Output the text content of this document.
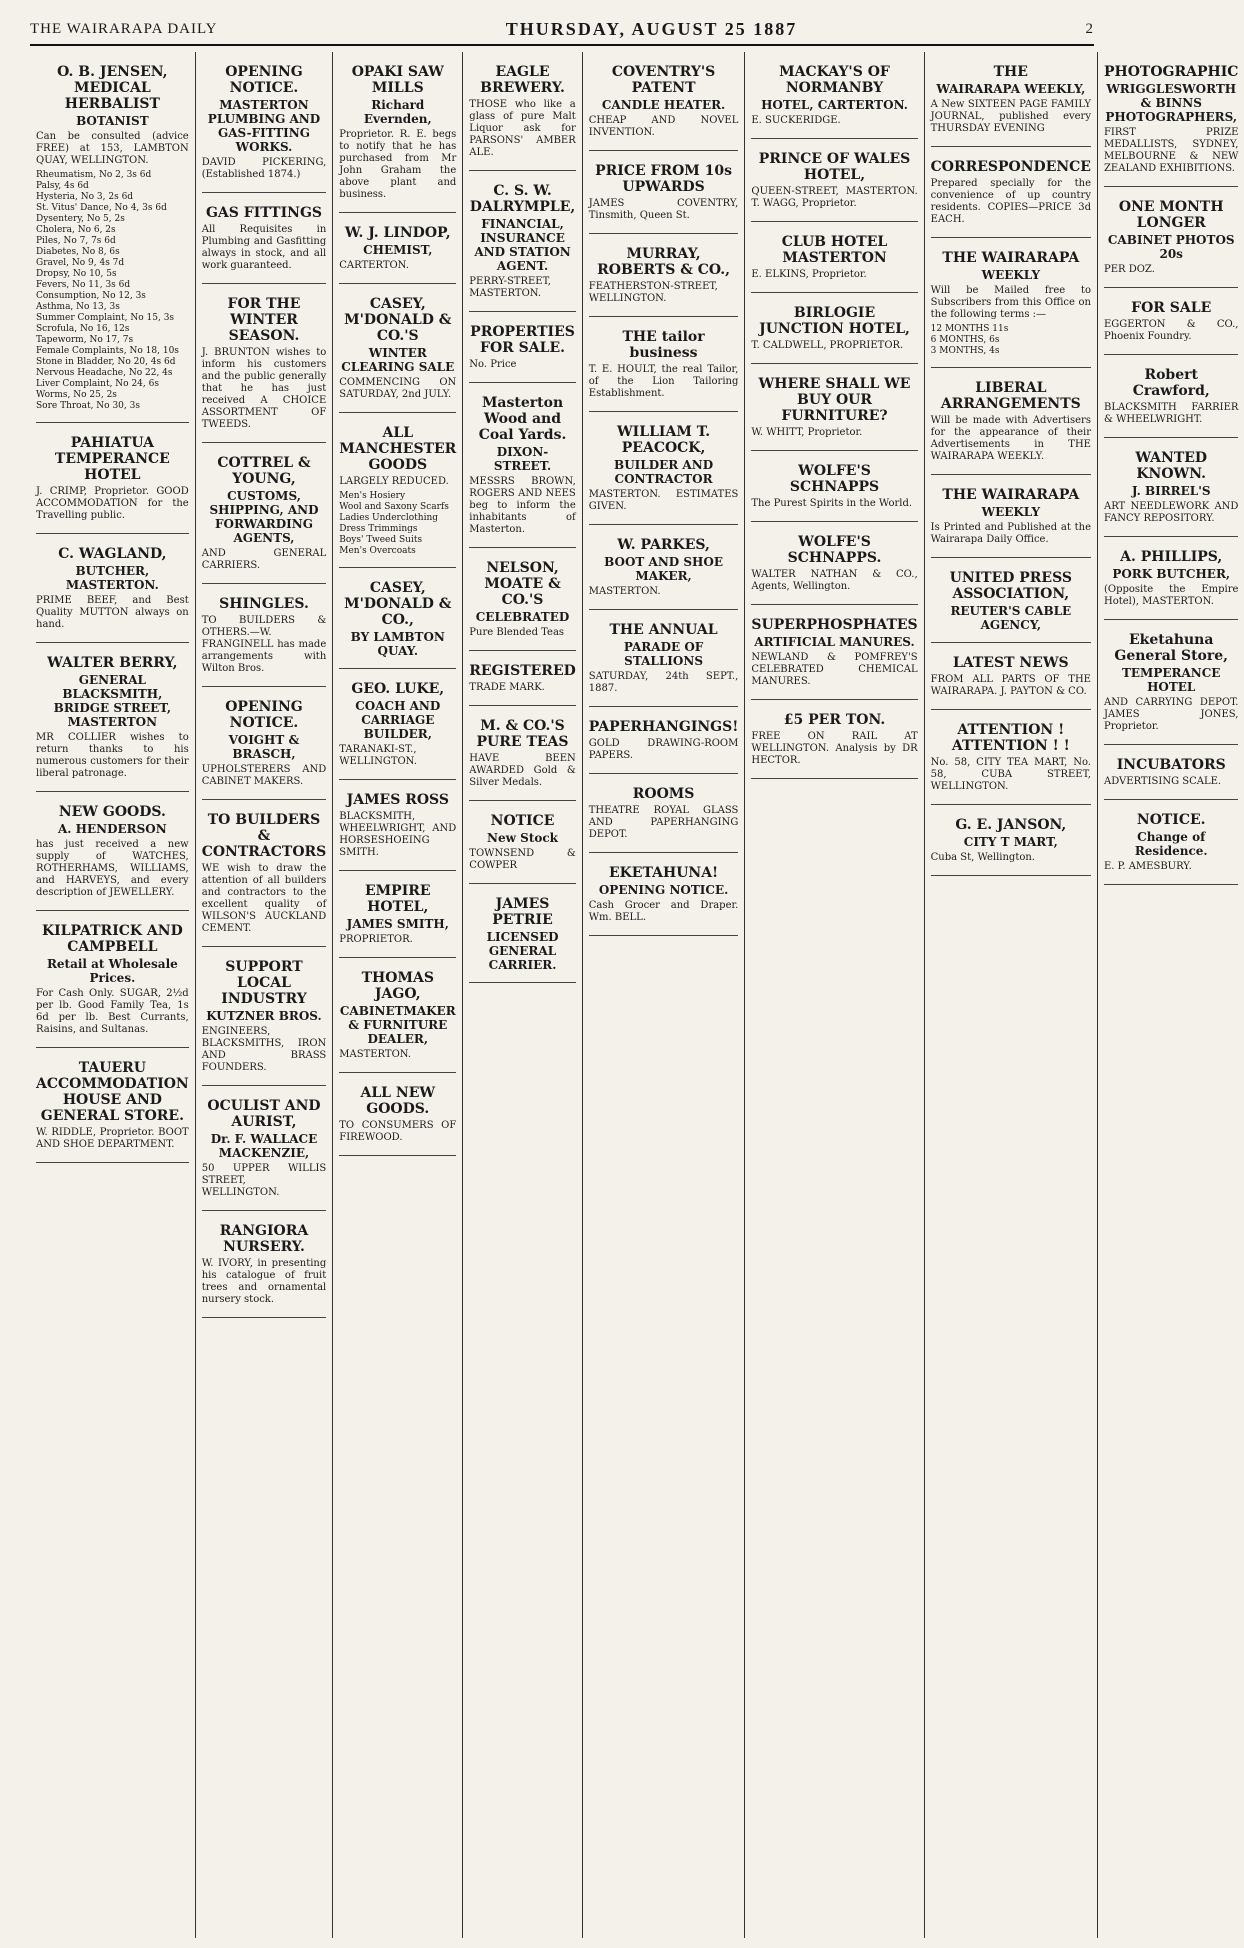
THE WAIRARAPA DAILY	THURSDAY, AUGUST 25 1887	2
O. B. JENSEN, MEDICAL HERBALIST
BOTANIST

Can be consulted (advice FREE) at 153, LAMBTON QUAY, WELLINGTON.

Rheumatism, No 2, 3s 6d
Palsy, 4s 6d
Hysteria, No 3, 2s 6d
St. Vitus' Dance, No 4, 3s 6d
Dysentery, No 5, 2s
Cholera, No 6, 2s
Piles, No 7, 7s 6d
Diabetes, No 8, 6s
Gravel, No 9, 4s 7d
Dropsy, No 10, 5s
Fevers, No 11, 3s 6d
Consumption, No 12, 3s
Asthma, No 13, 3s
Summer Complaint, No 15, 3s
Scrofula, No 16, 12s
Tapeworm, No 17, 7s
Female Complaints, No 18, 10s
Stone in Bladder, No 20, 4s 6d
Nervous Headache, No 22, 4s
Liver Complaint, No 24, 6s
Worms, No 25, 2s
Sore Throat, No 30, 3s
PAHIATUA TEMPERANCE HOTEL

J. CRIMP, Proprietor. GOOD ACCOMMODATION for the Travelling public.

C. WAGLAND,
BUTCHER, MASTERTON.

PRIME BEEF, and Best Quality MUTTON always on hand.

WALTER BERRY,
GENERAL BLACKSMITH, BRIDGE STREET, MASTERTON

MR COLLIER wishes to return thanks to his numerous customers for their liberal patronage.

NEW GOODS.
A. HENDERSON

has just received a new supply of WATCHES, ROTHERHAMS, WILLIAMS, and HARVEYS, and every description of JEWELLERY.

KILPATRICK AND CAMPBELL
Retail at Wholesale Prices.

For Cash Only. SUGAR, 2½d per lb. Good Family Tea, 1s 6d per lb. Best Currants, Raisins, and Sultanas.

TAUERU ACCOMMODATION HOUSE AND GENERAL STORE.

W. RIDDLE, Proprietor. BOOT AND SHOE DEPARTMENT.

OPENING NOTICE.
MASTERTON PLUMBING AND GAS-FITTING WORKS.

DAVID PICKERING, (Established 1874.)

GAS FITTINGS

All Requisites in Plumbing and Gasfitting always in stock, and all work guaranteed.

FOR THE WINTER SEASON.

J. BRUNTON wishes to inform his customers and the public generally that he has just received A CHOICE ASSORTMENT OF TWEEDS.

COTTREL & YOUNG,
CUSTOMS, SHIPPING, AND FORWARDING AGENTS,

AND GENERAL CARRIERS.

SHINGLES.

TO BUILDERS & OTHERS.—W. FRANGINELL has made arrangements with Wilton Bros.

OPENING NOTICE.
VOIGHT & BRASCH,

UPHOLSTERERS AND CABINET MAKERS.

TO BUILDERS & CONTRACTORS

WE wish to draw the attention of all builders and contractors to the excellent quality of WILSON'S AUCKLAND CEMENT.

SUPPORT LOCAL INDUSTRY
KUTZNER BROS.

ENGINEERS, BLACKSMITHS, IRON AND BRASS FOUNDERS.

OCULIST AND AURIST,
Dr. F. WALLACE MACKENZIE,

50 UPPER WILLIS STREET, WELLINGTON.

RANGIORA NURSERY.

W. IVORY, in presenting his catalogue of fruit trees and ornamental nursery stock.

OPAKI SAW MILLS
Richard Evernden,

Proprietor. R. E. begs to notify that he has purchased from Mr John Graham the above plant and business.

W. J. LINDOP,
CHEMIST,

CARTERTON.

CASEY, M'DONALD & CO.'S
WINTER CLEARING SALE

COMMENCING ON SATURDAY, 2nd JULY.

ALL MANCHESTER GOODS

LARGELY REDUCED.

Men's Hosiery
Wool and Saxony Scarfs
Ladies Underclothing
Dress Trimmings
Boys' Tweed Suits
Men's Overcoats
CASEY, M'DONALD & CO.,
BY LAMBTON QUAY.
GEO. LUKE,
COACH AND CARRIAGE BUILDER,

TARANAKI-ST., WELLINGTON.

JAMES ROSS

BLACKSMITH, WHEELWRIGHT, AND HORSESHOEING SMITH.

EMPIRE HOTEL,
JAMES SMITH,

PROPRIETOR.

THOMAS JAGO,
CABINETMAKER & FURNITURE DEALER,

MASTERTON.

ALL NEW GOODS.

TO CONSUMERS OF FIREWOOD.

EAGLE BREWERY.

THOSE who like a glass of pure Malt Liquor ask for PARSONS' AMBER ALE.

C. S. W. DALRYMPLE,
FINANCIAL, INSURANCE AND STATION AGENT.

PERRY-STREET, MASTERTON.

PROPERTIES FOR SALE.

No. Price

Masterton Wood and Coal Yards.
DIXON-STREET.

MESSRS BROWN, ROGERS AND NEES beg to inform the inhabitants of Masterton.

NELSON, MOATE & CO.'S
CELEBRATED

Pure Blended Teas

REGISTERED

TRADE MARK.

M. & CO.'S PURE TEAS

HAVE BEEN AWARDED Gold & Silver Medals.

NOTICE
New Stock

TOWNSEND & COWPER

JAMES PETRIE
LICENSED GENERAL CARRIER.
COVENTRY'S PATENT
CANDLE HEATER.

CHEAP AND NOVEL INVENTION.

PRICE FROM 10s UPWARDS

JAMES COVENTRY, Tinsmith, Queen St.

MURRAY, ROBERTS & CO.,

FEATHERSTON-STREET, WELLINGTON.

THE tailor business

T. E. HOULT, the real Tailor, of the Lion Tailoring Establishment.

WILLIAM T. PEACOCK,
BUILDER AND CONTRACTOR

MASTERTON. ESTIMATES GIVEN.

W. PARKES,
BOOT AND SHOE MAKER,

MASTERTON.

THE ANNUAL
PARADE OF STALLIONS

SATURDAY, 24th SEPT., 1887.

PAPERHANGINGS!

GOLD DRAWING-ROOM PAPERS.

ROOMS

THEATRE ROYAL GLASS AND PAPERHANGING DEPOT.

EKETAHUNA!
OPENING NOTICE.

Cash Grocer and Draper. Wm. BELL.

MACKAY'S OF NORMANBY
HOTEL, CARTERTON.

E. SUCKERIDGE.

PRINCE OF WALES HOTEL,

QUEEN-STREET, MASTERTON. T. WAGG, Proprietor.

CLUB HOTEL MASTERTON

E. ELKINS, Proprietor.

BIRLOGIE JUNCTION HOTEL,

T. CALDWELL, PROPRIETOR.

WHERE SHALL WE BUY OUR FURNITURE?

W. WHITT, Proprietor.

WOLFE'S SCHNAPPS

The Purest Spirits in the World.

WOLFE'S SCHNAPPS.

WALTER NATHAN & CO., Agents, Wellington.

SUPERPHOSPHATES
ARTIFICIAL MANURES.

NEWLAND & POMFREY'S CELEBRATED CHEMICAL MANURES.

£5 PER TON.

FREE ON RAIL AT WELLINGTON. Analysis by DR HECTOR.

THE
WAIRARAPA WEEKLY,

A New SIXTEEN PAGE FAMILY JOURNAL, published every THURSDAY EVENING

CORRESPONDENCE

Prepared specially for the convenience of up country residents. COPIES—PRICE 3d EACH.

THE WAIRARAPA
WEEKLY

Will be Mailed free to Subscribers from this Office on the following terms :—

12 MONTHS 11s
6 MONTHS, 6s
3 MONTHS, 4s
LIBERAL ARRANGEMENTS

Will be made with Advertisers for the appearance of their Advertisements in THE WAIRARAPA WEEKLY.

THE WAIRARAPA
WEEKLY

Is Printed and Published at the Wairarapa Daily Office.

UNITED PRESS ASSOCIATION,
REUTER'S CABLE AGENCY,
LATEST NEWS

FROM ALL PARTS OF THE WAIRARAPA. J. PAYTON & CO.

ATTENTION ! ATTENTION ! !

No. 58, CITY TEA MART, No. 58, CUBA STREET, WELLINGTON.

G. E. JANSON,
CITY T MART,

Cuba St, Wellington.

PHOTOGRAPHIC
WRIGGLESWORTH & BINNS PHOTOGRAPHERS,

FIRST PRIZE MEDALLISTS, SYDNEY, MELBOURNE & NEW ZEALAND EXHIBITIONS.

ONE MONTH LONGER
CABINET PHOTOS 20s

PER DOZ.

FOR SALE

EGGERTON & CO., Phoenix Foundry.

Robert Crawford,

BLACKSMITH FARRIER & WHEELWRIGHT.

WANTED KNOWN.
J. BIRREL'S

ART NEEDLEWORK AND FANCY REPOSITORY.

A. PHILLIPS,
PORK BUTCHER,

(Opposite the Empire Hotel), MASTERTON.

Eketahuna General Store,
TEMPERANCE HOTEL

AND CARRYING DEPOT. JAMES JONES, Proprietor.

INCUBATORS

ADVERTISING SCALE.

NOTICE.
Change of Residence.

E. P. AMESBURY.
